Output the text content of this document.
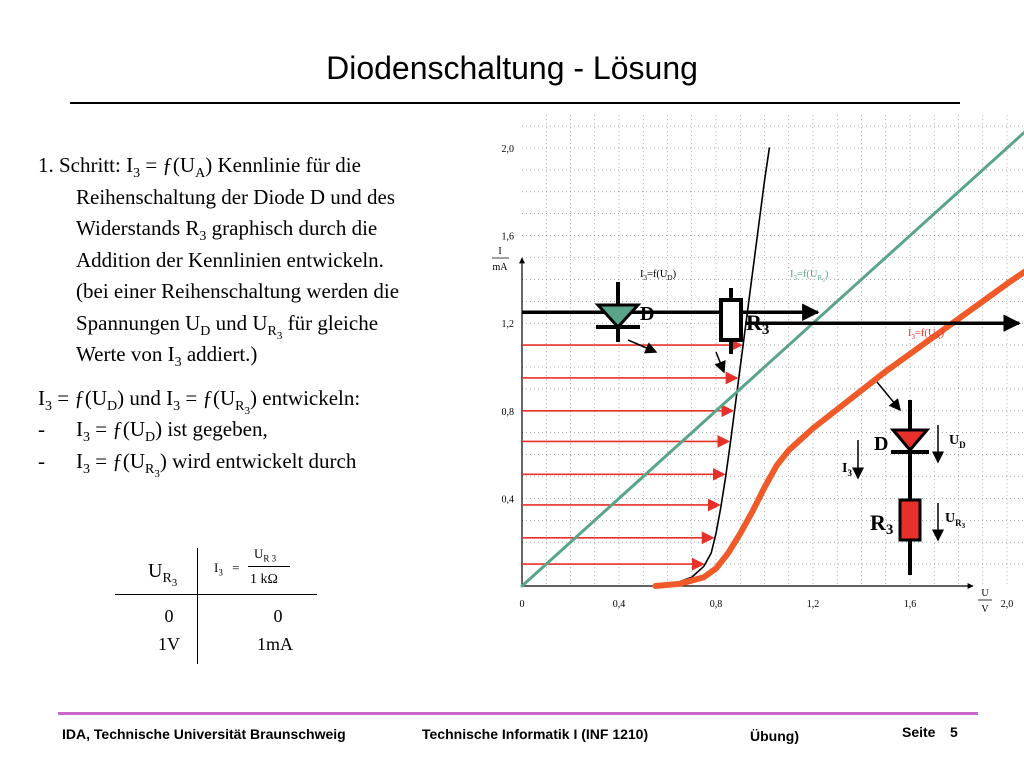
Diodenschaltung - Lösung
1. Schritt: $I_3$ = $ƒ(U_A)$ Kennlinie für die
Reihenschaltung der Diode D und des
Widerstands $R_3$ graphisch durch die
Addition der Kennlinien entwickeln.
(bei einer Reihenschaltung werden die
Spannungen $U_D$ und $U_{R_3}$ für gleiche
Werte von $I_3$ addiert.)
$I_3$ = $ƒ(U_D)$ und $I_3$ = $ƒ(U_{R_3})$ entwickeln:
-	$I_3$ = $ƒ(U_D)$ ist gegeben,
-	$I_3$ = $ƒ(U_{R_3})$ wird entwickelt durch
$U_{R_3}$
$I_3$ =
$U_{R 3}$
1 kΩ
0	0
1V	1mA
0	0,4	0,8	1,2	1,6	2,0
0,4
0,8
1,2
1,6
2,0
I
mA
U
V
$I_3=f(U_D)$	$I_3=f(U_R3)$
$I_3=f(U_A)$
D	R3
D
R3
$U_D$
$U_R3$
$I_3$
IDA, Technische Universität Braunschweig	Technische Informatik I (INF 1210)	Übung)	Seite 5
